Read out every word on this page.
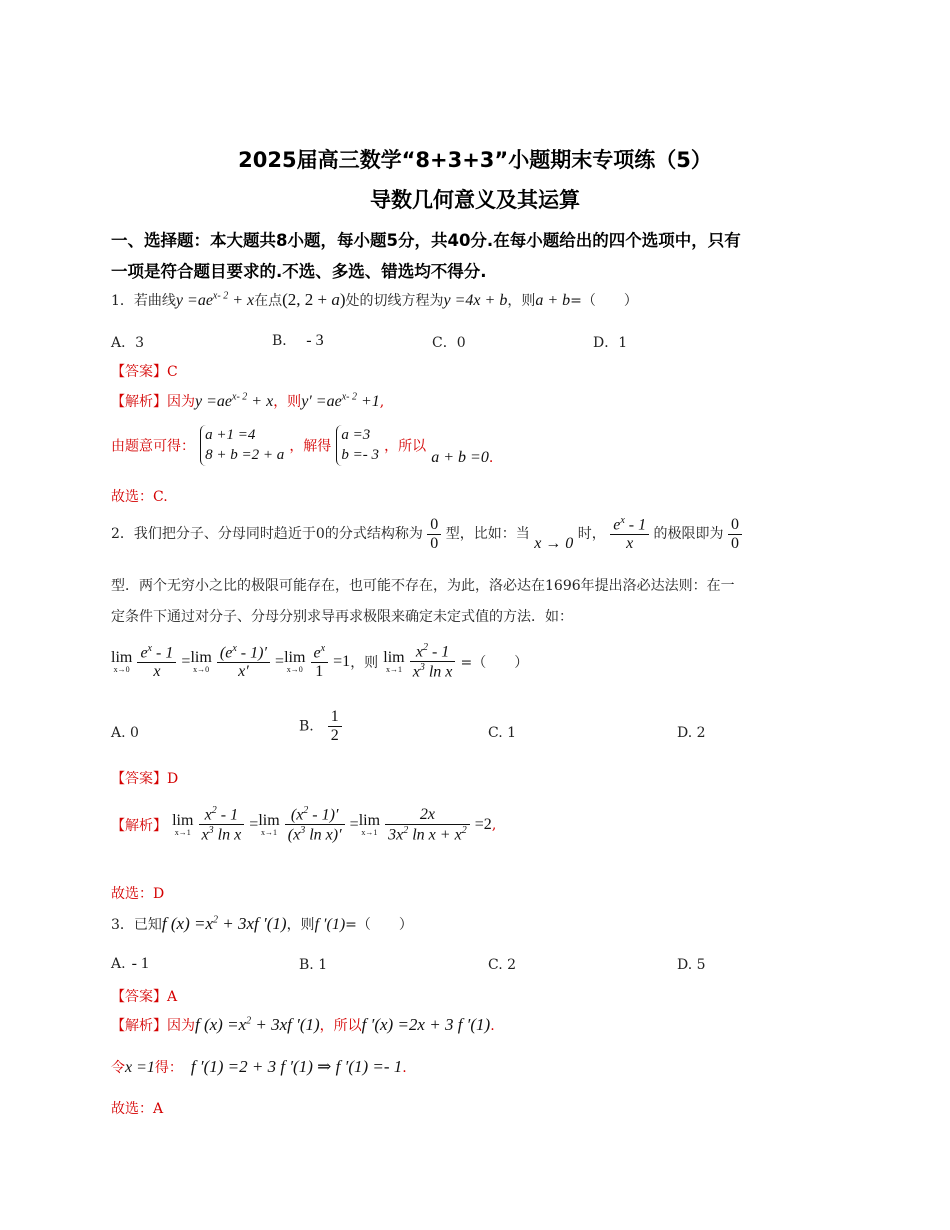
2025届高三数学“8+3+3”小题期末专项练（5）
导数几何意义及其运算
一、选择题：本大题共8小题，每小题5分，共40分.在每小题给出的四个选项中，只有
一项是符合题目要求的.不选、多选、错选均不得分.
1．若曲线$y =ae^{x- 2} + x$在点(2, 2 + a)处的切线方程为y =4x + b，则a + b=（　　）
A．3	B． - 3	C．0	D．1
【答案】C
【解析】因为$y =ae^{x- 2} + x$，则$y' =ae^{x- 2} +1$,
由题意可得： a +1 =4
8 + b =2 + a ，解得 a =3
b =- 3 ，所以 a + b =0.
故选：C.
2．我们把分子、分母同时趋近于0的分式结构称为 $\frac{0}{0}$ 型，比如：当 x → 0 时， $\frac{e^x - 1}{x}$ 的极限即为 $\frac{0}{0}$
型．两个无穷小之比的极限可能存在，也可能不存在，为此，洛必达在1696年提出洛必达法则：在一
定条件下通过对分子、分母分别求导再求极限来确定未定式值的方法．如：
lim
x→0
$\frac{e^x - 1}{x} = \lim$
x→0
$\frac{(e^x - 1)'}{x'} = \lim$
x→0
$\frac{e^x}{1} =1$，则 lim
x→1
$\frac{x^2 - 1}{x^3 \ln x}$ =（　　）
A. 0	B. $\frac{1}{2}$	C. 1	D. 2
【答案】D
【解析】 lim
x→1
$\frac{x^2 - 1}{x^3 \ln x} = \lim$
x→1
$\frac{(x^2 - 1)'}{(x^3 \ln x)'} = \lim$
x→1
$\frac{2x}{3x^2 \ln x + x^2} =2$,
故选：D
3．已知f $(x) =x^2 + 3xf$ ′(1)，则f ′(1)=（　　）
A. - 1	B. 1	C. 2	D. 5
【答案】A
【解析】因为f $(x) =x^2 + 3xf$ ′(1)，所以f ′(x) =2x + 3 f ′(1).
令x =1得： f ′(1) =2 + 3 f ′(1) ⇒ f ′(1) =- 1.
故选：A
